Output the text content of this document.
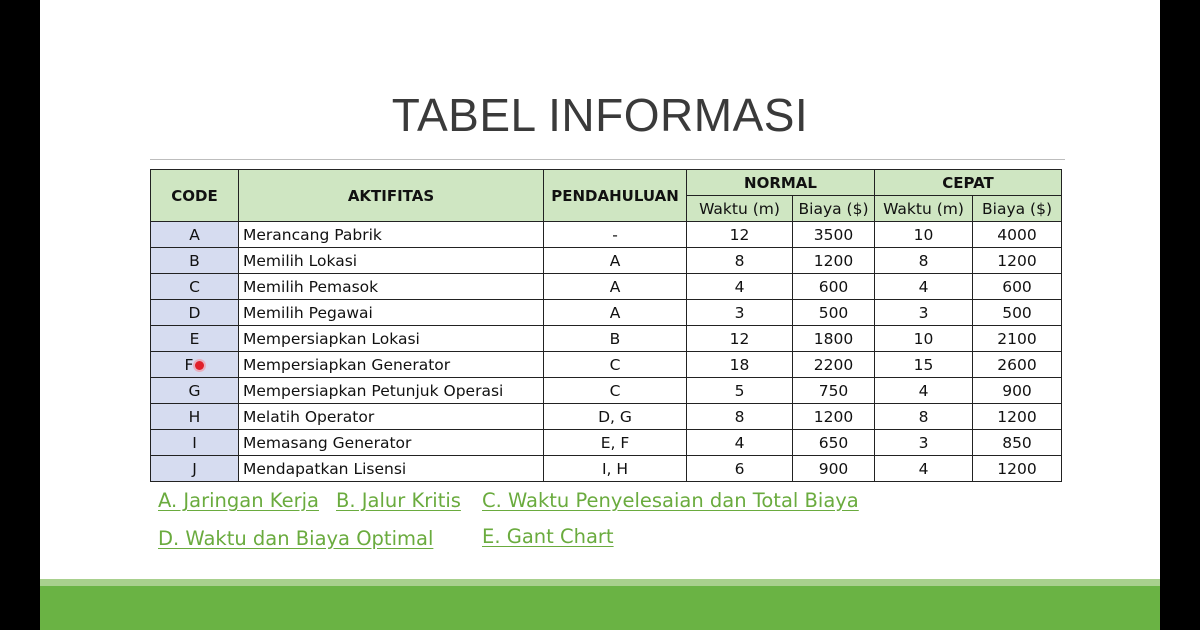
TABEL INFORMASI
CODE	AKTIFITAS	PENDAHULUAN	NORMAL		CEPAT	
			Waktu (m)	Biaya ($)	Waktu (m)	Biaya ($)
A	Merancang Pabrik	-	12	3500	10	4000
B	Memilih Lokasi	A	8	1200	8	1200
C	Memilih Pemasok	A	4	600	4	600
D	Memilih Pegawai	A	3	500	3	500
E	Mempersiapkan Lokasi	B	12	1800	10	2100
F	Mempersiapkan Generator	C	18	2200	15	2600
G	Mempersiapkan Petunjuk Operasi	C	5	750	4	900
H	Melatih Operator	D, G	8	1200	8	1200
I	Memasang Generator	E, F	4	650	3	850
J	Mendapatkan Lisensi	I, H	6	900	4	1200
A. Jaringan Kerja B. Jalur Kritis C. Waktu Penyelesaian dan Total Biaya
D. Waktu dan Biaya Optimal E. Gant Chart
